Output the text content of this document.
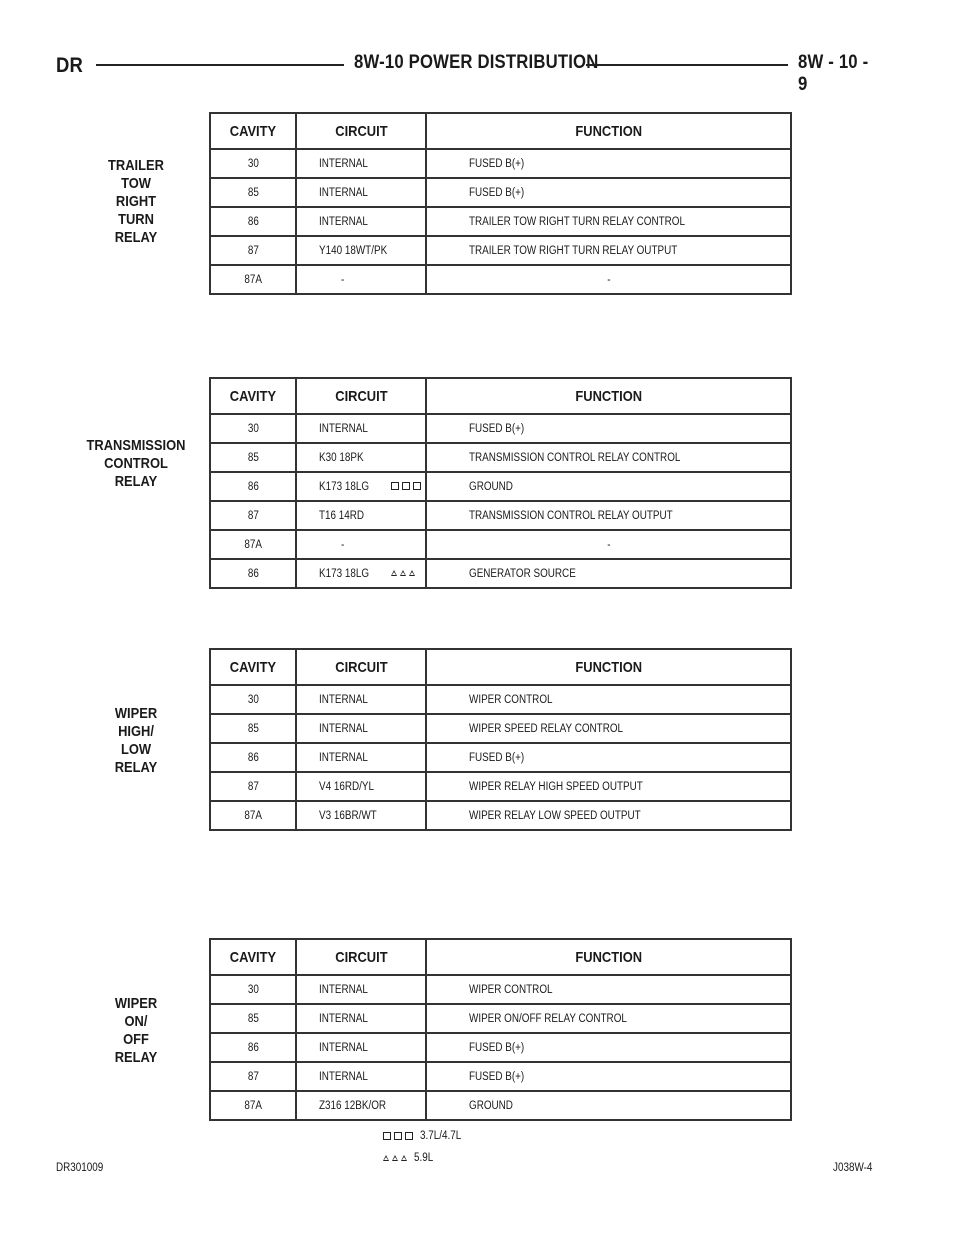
DR	8W-10 POWER DISTRIBUTION	8W - 10 - 9
TRAILER
TOW
RIGHT
TURN
RELAY
CAVITY	CIRCUIT	FUNCTION
30	INTERNAL	FUSED B(+)
85	INTERNAL	FUSED B(+)
86	INTERNAL	TRAILER TOW RIGHT TURN RELAY CONTROL
87	Y140 18WT/PK	TRAILER TOW RIGHT TURN RELAY OUTPUT
87A	-	-
TRANSMISSION
CONTROL
RELAY
CAVITY	CIRCUIT	FUNCTION
30	INTERNAL	FUSED B(+)
85	K30 18PK	TRANSMISSION CONTROL RELAY CONTROL
86	K173 18LG	GROUND
87	T16 14RD	TRANSMISSION CONTROL RELAY OUTPUT
87A	-	-
86	K173 18LG	GENERATOR SOURCE
WIPER
HIGH/
LOW
RELAY
CAVITY	CIRCUIT	FUNCTION
30	INTERNAL	WIPER CONTROL
85	INTERNAL	WIPER SPEED RELAY CONTROL
86	INTERNAL	FUSED B(+)
87	V4 16RD/YL	WIPER RELAY HIGH SPEED OUTPUT
87A	V3 16BR/WT	WIPER RELAY LOW SPEED OUTPUT
WIPER
ON/
OFF
RELAY
CAVITY	CIRCUIT	FUNCTION
30	INTERNAL	WIPER CONTROL
85	INTERNAL	WIPER ON/OFF RELAY CONTROL
86	INTERNAL	FUSED B(+)
87	INTERNAL	FUSED B(+)
87A	Z316 12BK/OR	GROUND
3.7L/4.7L
5.9L
DR301009	J038W-4
